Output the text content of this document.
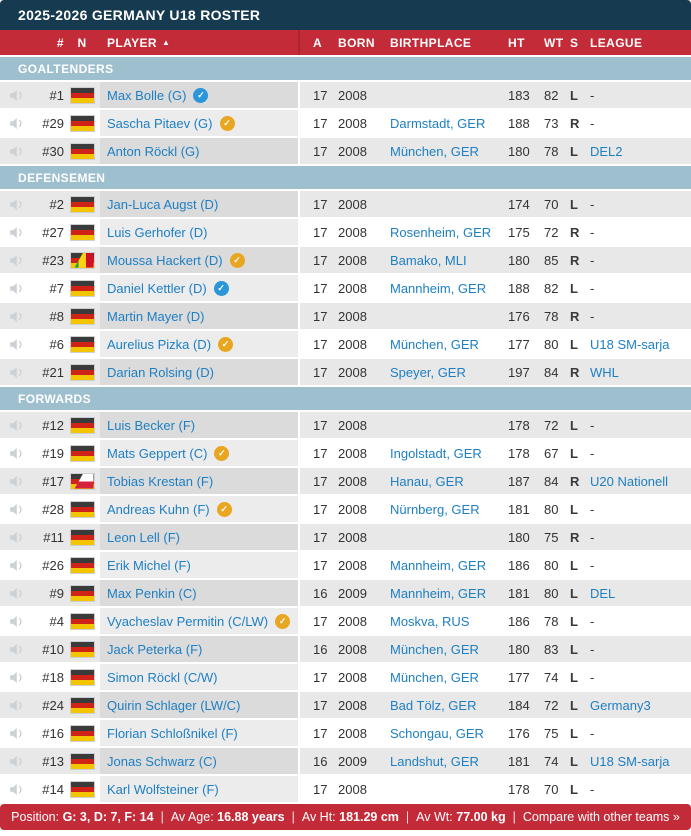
2025-2026 GERMANY U18 ROSTER
# N PLAYER ▲	A BORN BIRTHPLACE	HT WT S LEAGUE
GOALTENDERS
#1	Max Bolle (G)	✓	17 2008	183 82 L -
#29	Sascha Pitaev (G)	✓	17 2008 Darmstadt, GER 188 73 R -
#30	Anton Röckl (G)	17 2008 München, GER 180 78 L DEL2
DEFENSEMEN
#2	Jan-Luca Augst (D)	17 2008	174 70 L -
#27	Luis Gerhofer (D)	17 2008 Rosenheim, GER 175 72 R -
#23	Moussa Hackert (D)	✓	17 2008 Bamako, MLI	180 85 R -
#7	Daniel Kettler (D)	✓	17 2008 Mannheim, GER 188 82 L -
#8	Martin Mayer (D)	17 2008	176 78 R -
#6	Aurelius Pizka (D)	✓	17 2008 München, GER 177 80 L U18 SM-sarja
#21	Darian Rolsing (D)	17 2008 Speyer, GER	197 84 R WHL
FORWARDS
#12	Luis Becker (F)	17 2008	178 72 L -
#19	Mats Geppert (C)	✓	17 2008 Ingolstadt, GER 178 67 L -
#17	Tobias Krestan (F)	17 2008 Hanau, GER	187 84 R U20 Nationell
#28	Andreas Kuhn (F)	✓	17 2008 Nürnberg, GER 181 80 L -
#11	Leon Lell (F)	17 2008	180 75 R -
#26	Erik Michel (F)	17 2008 Mannheim, GER 186 80 L -
#9	Max Penkin (C)	16 2009 Mannheim, GER 181 80 L DEL
#4	Vyacheslav Permitin (C/LW)	✓ 17 2008 Moskva, RUS	186 78 L -
#10	Jack Peterka (F)	16 2008 München, GER 180 83 L -
#18	Simon Röckl (C/W)	17 2008 München, GER 177 74 L -
#24	Quirin Schlager (LW/C)	17 2008 Bad Tölz, GER 184 72 L Germany3
#16	Florian Schloßnikel (F)	17 2008 Schongau, GER 176 75 L -
#13	Jonas Schwarz (C)	16 2009 Landshut, GER 181 74 L U18 SM-sarja
#14	Karl Wolfsteiner (F)	17 2008	178 70 L -
Position:
G: 3, D: 7, F: 14 | Av Age:
16.88 years | Av Ht:
181.29 cm | Av Wt:
77.00 kg | Compare with other teams »
